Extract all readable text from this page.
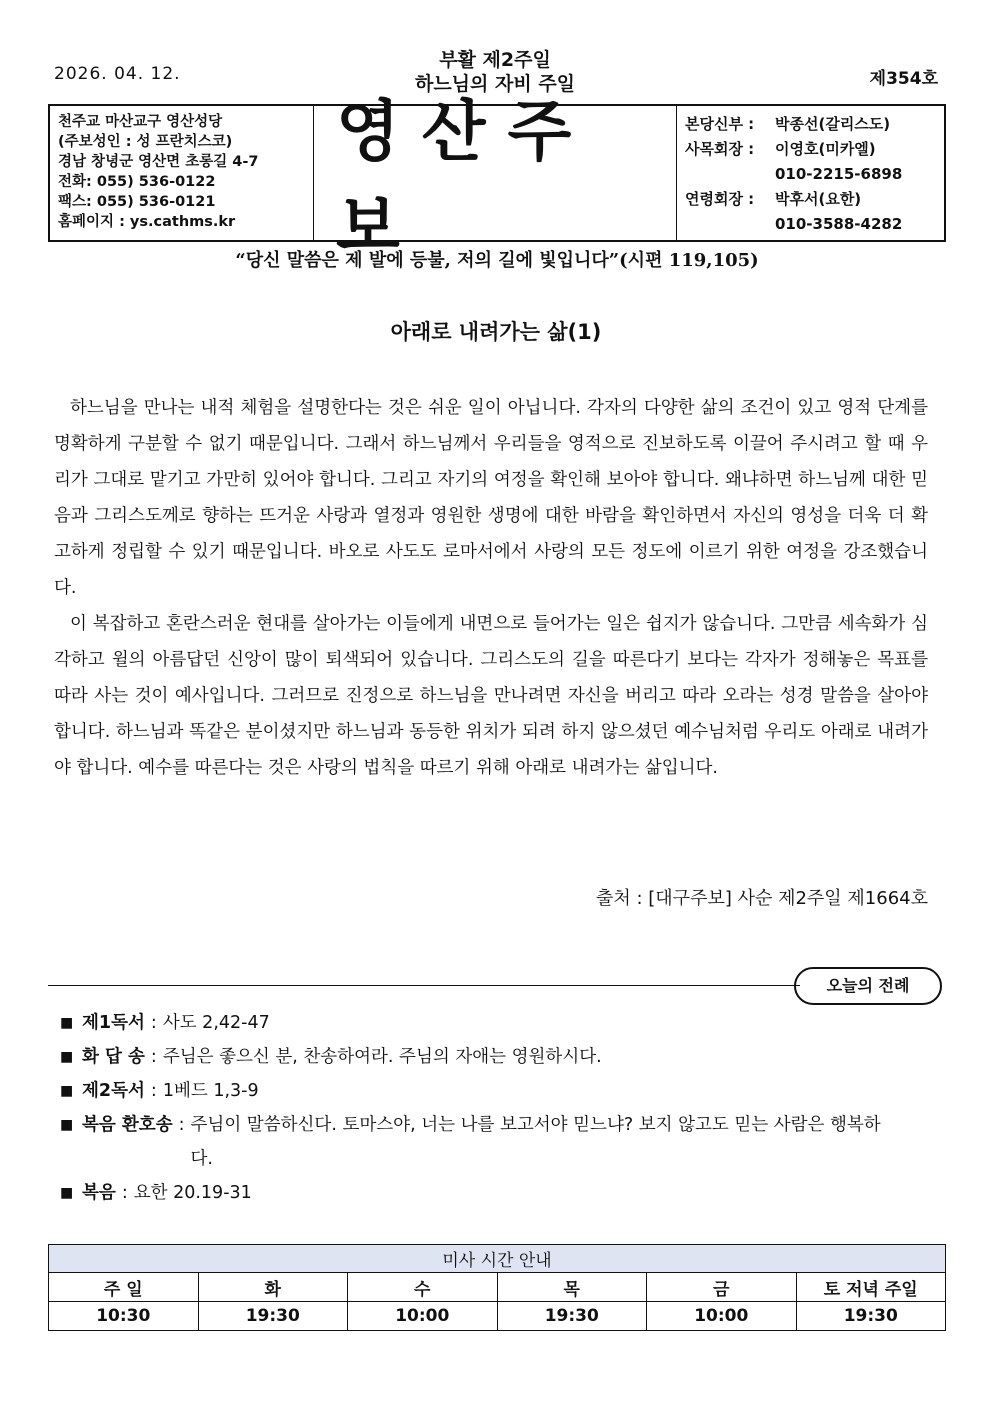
2026. 04. 12.
부활 제2주일
하느님의 자비 주일	제354호
천주교 마산교구 영산성당
(주보성인 : 성 프란치스코)
경남 창녕군 영산면 초롱길 4-7
전화: 055) 536-0122
팩스: 055) 536-0121
홈페이지 : ys.cathms.kr
영산주보
본당신부 :	박종선(갈리스도)
사목회장 :	이영호(미카엘)
010-2215-6898
연령회장 :	박후서(요한)
010-3588-4282
“당신 말씀은 제 발에 등불, 저의 길에 빛입니다”(시편 119,105)
아래로 내려가는 삶(1)

하느님을 만나는 내적 체험을 설명한다는 것은 쉬운 일이 아닙니다. 각자의 다양한 삶의 조건이 있고 영적 단계를 명확하게 구분할 수 없기 때문입니다. 그래서 하느님께서 우리들을 영적으로 진보하도록 이끌어 주시려고 할 때 우리가 그대로 맡기고 가만히 있어야 합니다. 그리고 자기의 여정을 확인해 보아야 합니다. 왜냐하면 하느님께 대한 믿음과 그리스도께로 향하는 뜨거운 사랑과 열정과 영원한 생명에 대한 바람을 확인하면서 자신의 영성을 더욱 더 확고하게 정립할 수 있기 때문입니다. 바오로 사도도 로마서에서 사랑의 모든 정도에 이르기 위한 여정을 강조했습니다.

이 복잡하고 혼란스러운 현대를 살아가는 이들에게 내면으로 들어가는 일은 쉽지가 않습니다. 그만큼 세속화가 심각하고 윌의 아름답던 신앙이 많이 퇴색되어 있습니다. 그리스도의 길을 따른다기 보다는 각자가 정해놓은 목표를 따라 사는 것이 예사입니다. 그러므로 진정으로 하느님을 만나려면 자신을 버리고 따라 오라는 성경 말씀을 살아야 합니다. 하느님과 똑같은 분이셨지만 하느님과 동등한 위치가 되려 하지 않으셨던 예수님처럼 우리도 아래로 내려가야 합니다. 예수를 따른다는 것은 사랑의 법칙을 따르기 위해 아래로 내려가는 삶입니다.

출처 : [대구주보] 사순 제2주일 제1664호
오늘의 전례
■ 제1독서 : 사도 2,42-47
■ 화 답 송 : 주님은 좋으신 분, 찬송하여라. 주님의 자애는 영원하시다.
■ 제2독서 : 1베드 1,3-9
■ 복음 환호송 : 주님이 말씀하신다. 토마스야, 너는 나를 보고서야 믿느냐? 보지 않고도 믿는 사람은 행복하다.
■ 복음 : 요한 20.19-31
미사 시간 안내					
주 일	화	수	목	금	토 저녁 주일
10:30	19:30	10:00	19:30	10:00	19:30
